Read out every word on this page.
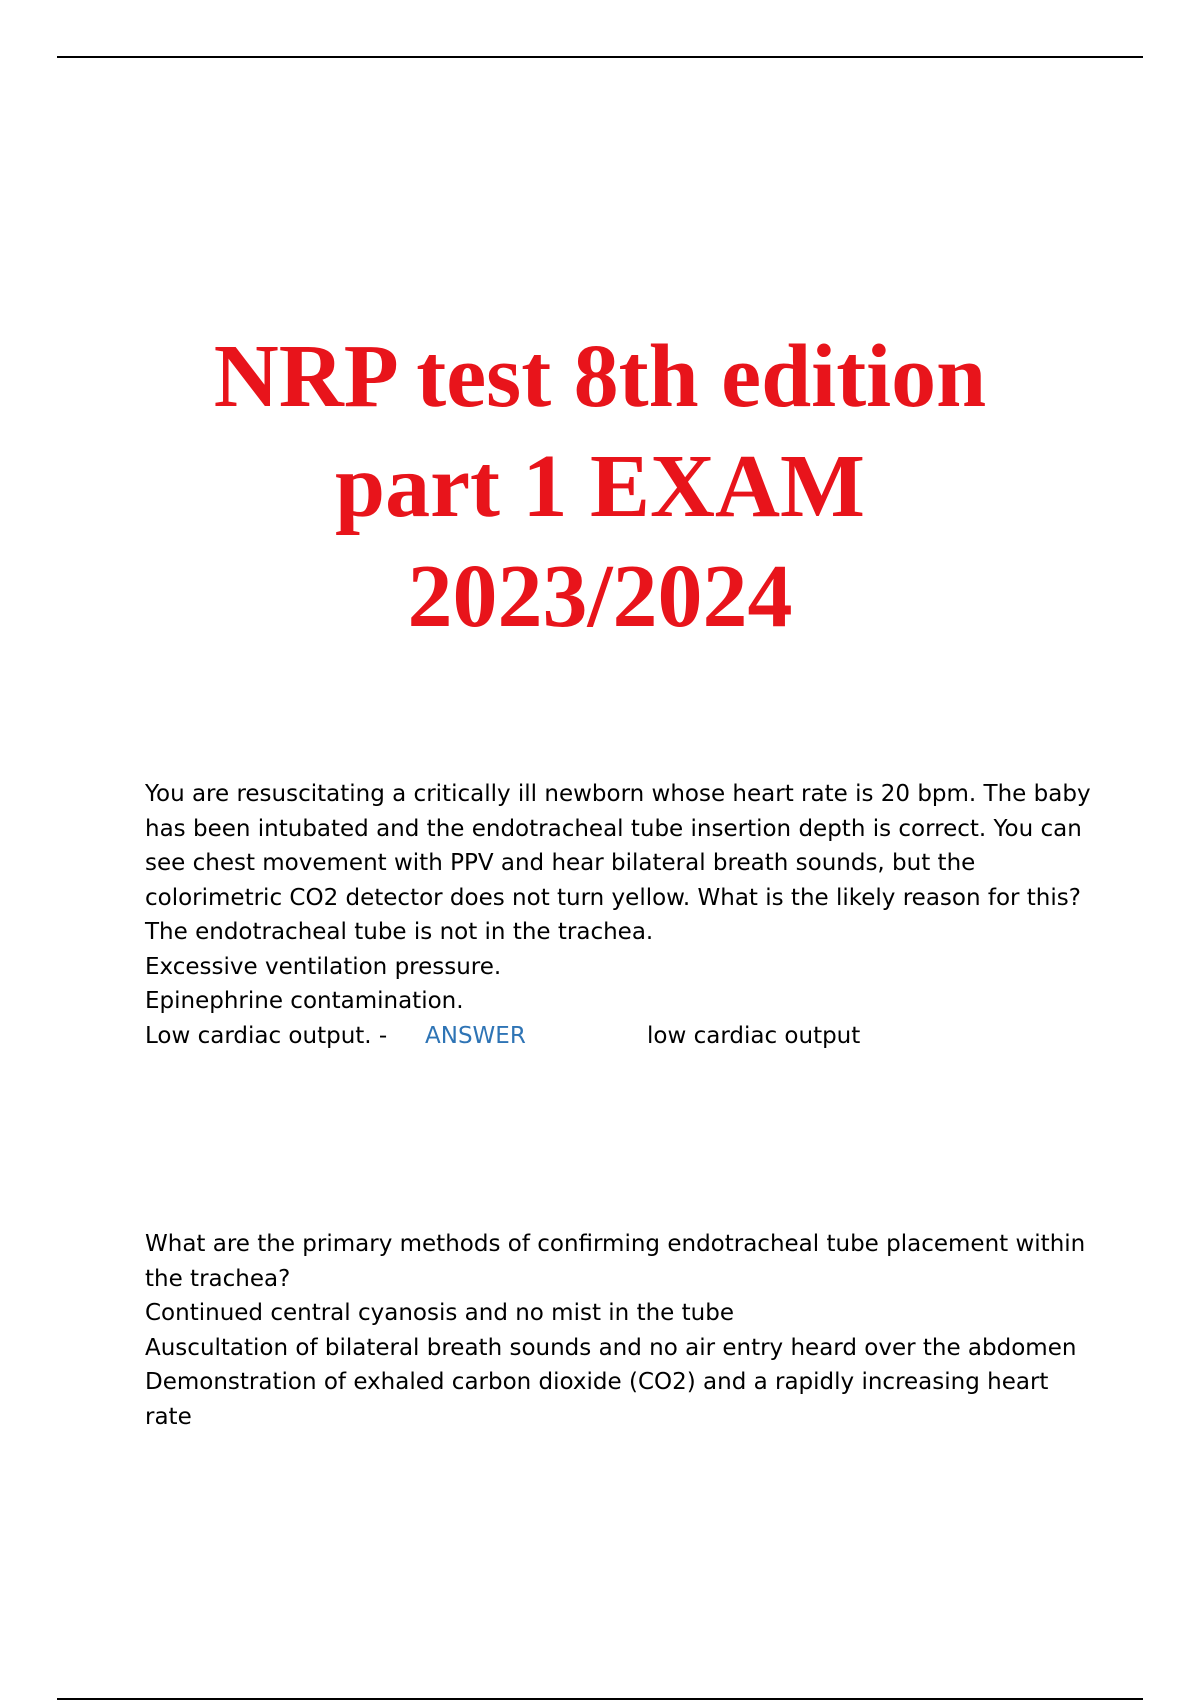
NRP test 8th edition
part 1 EXAM
2023/2024
You are resuscitating a critically ill newborn whose heart rate is 20 bpm. The baby
has been intubated and the endotracheal tube insertion depth is correct. You can
see chest movement with PPV and hear bilateral breath sounds, but the
colorimetric CO2 detector does not turn yellow. What is the likely reason for this?
The endotracheal tube is not in the trachea.
Excessive ventilation pressure.
Epinephrine contamination.
Low cardiac output. - ANSWER	low cardiac output
What are the primary methods of confirming endotracheal tube placement within
the trachea?
Continued central cyanosis and no mist in the tube
Auscultation of bilateral breath sounds and no air entry heard over the abdomen
Demonstration of exhaled carbon dioxide (CO2) and a rapidly increasing heart
rate
